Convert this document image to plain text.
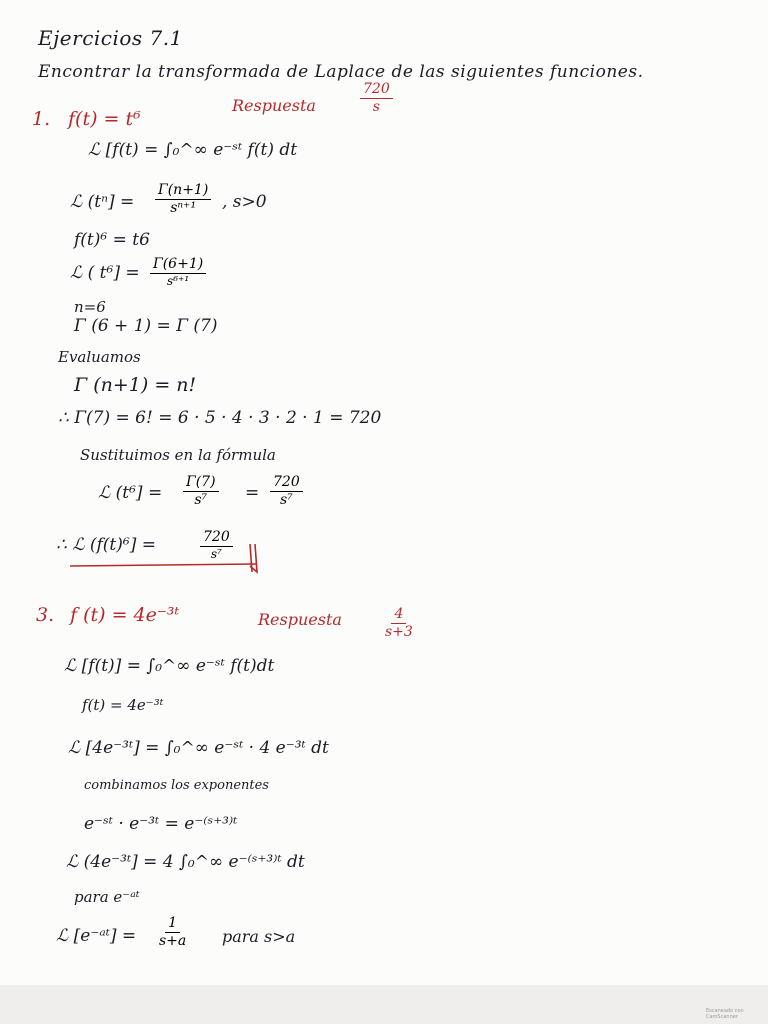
Ejercicios 7.1
Encontrar la transformada de Laplace de las siguientes funciones.
1. f(t) = t⁶
Respuesta	$\frac{720}{s}$
ℒ [f(t) = ∫₀^∞ e⁻ˢᵗ f(t) dt
ℒ $(t^n] = \frac{\Gamma(n+1)}{\text{sⁿ⁺¹}}$ , s>0
f(t)⁶ = t6
ℒ ( $t^6] = \frac{\Gamma(6+1)}{\text{s⁶⁺¹}}$
n=6
Γ (6 + 1) = Γ (7)
Evaluamos
Γ (n+1) = n!
∴ Γ(7) = 6! = 6 · 5 · 4 · 3 · 2 · 1 = 720
Sustituimos en la fórmula
ℒ $(t^6] = \frac{\Gamma(7)}{\text{s⁷}} = \frac{720}{\text{s⁷}}$
∴ ℒ (f(t)⁶] =	$\frac{720}{\text{s⁷}}$
3. f (t) = 4e⁻³ᵗ	Respuesta	$\frac{4}{s+3}$
ℒ [f(t)] = ∫₀^∞ e⁻ˢᵗ f(t)dt
f(t) = 4e⁻³ᵗ
ℒ [4e⁻³ᵗ] = ∫₀^∞ e⁻ˢᵗ · 4 e⁻³ᵗ dt
combinamos los exponentes
e⁻ˢᵗ · e⁻³ᵗ = e⁻⁽ˢ⁺³⁾ᵗ
ℒ (4e⁻³ᵗ] = 4 ∫₀^∞ e⁻⁽ˢ⁺³⁾ᵗ dt
para e⁻ᵃᵗ
ℒ [e⁻ᵃᵗ] = $\frac{1}{s+a}$ para s>a
Escaneado con CamScanner
